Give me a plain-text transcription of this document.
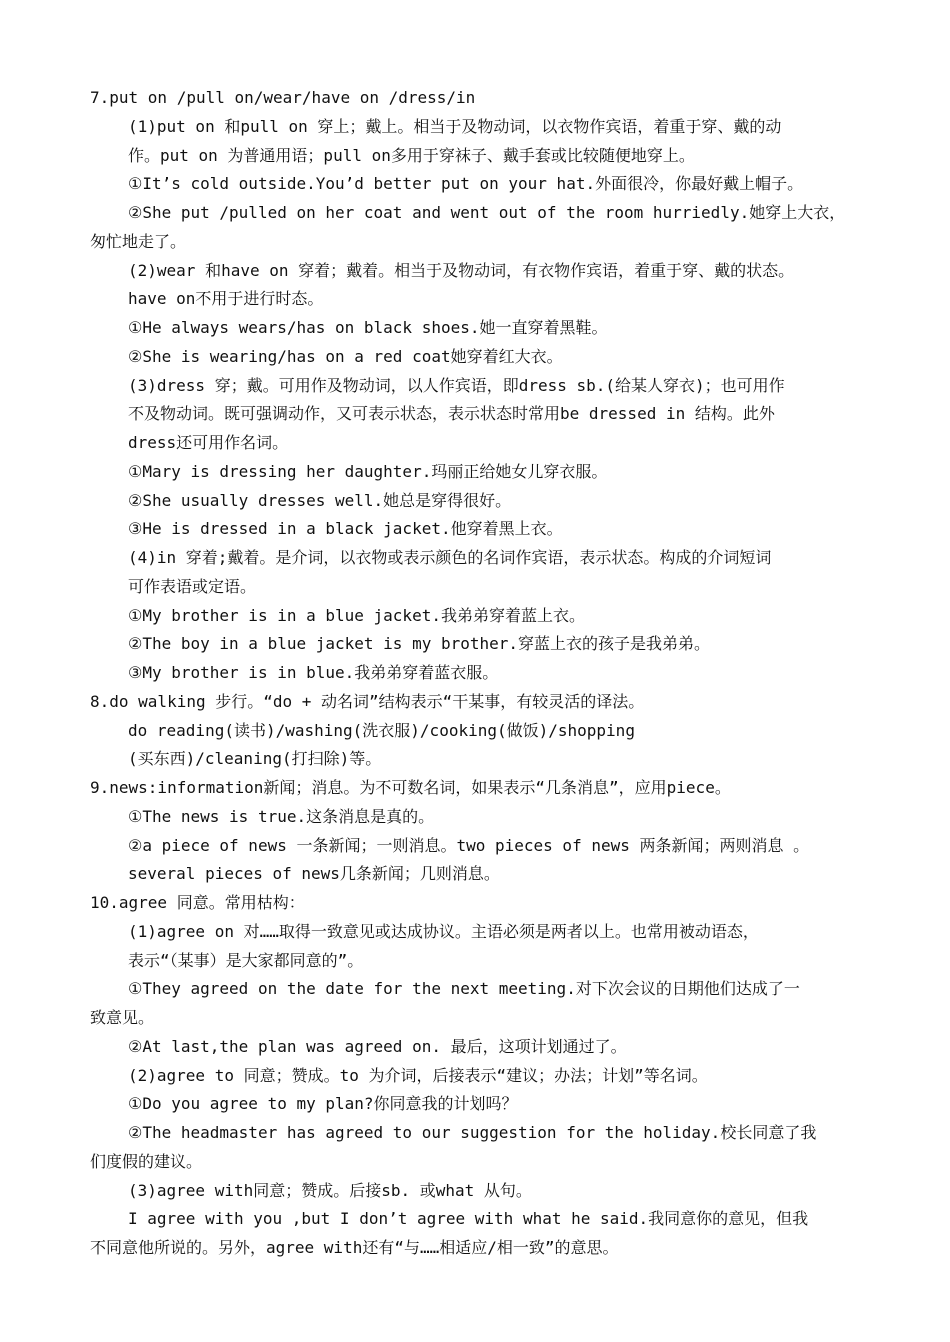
7.put on /pull on/wear/have on /dress/in
(1)put on 和pull on 穿上；戴上。相当于及物动词，以衣物作宾语，着重于穿、戴的动
作。put on 为普通用语；pull on多用于穿袜子、戴手套或比较随便地穿上。
①It’s cold outside.You’d better put on your hat.外面很冷，你最好戴上帽子。
②She put /pulled on her coat and went out of the room hurriedly.她穿上大衣，
匆忙地走了。
(2)wear 和have on 穿着；戴着。相当于及物动词，有衣物作宾语，着重于穿、戴的状态。
have on不用于进行时态。
①He always wears/has on black shoes.她一直穿着黑鞋。
②She is wearing/has on a red coat她穿着红大衣。
(3)dress 穿；戴。可用作及物动词，以人作宾语，即dress sb.(给某人穿衣)；也可用作
不及物动词。既可强调动作，又可表示状态，表示状态时常用be dressed in 结构。此外
dress还可用作名词。
①Mary is dressing her daughter.玛丽正给她女儿穿衣服。
②She usually dresses well.她总是穿得很好。
③He is dressed in a black jacket.他穿着黑上衣。
(4)in 穿着;戴着。是介词，以衣物或表示颜色的名词作宾语，表示状态。构成的介词短词
可作表语或定语。
①My brother is in a blue jacket.我弟弟穿着蓝上衣。
②The boy in a blue jacket is my brother.穿蓝上衣的孩子是我弟弟。
③My brother is in blue.我弟弟穿着蓝衣服。
8.do walking 步行。“do + 动名词”结构表示“干某事，有较灵活的译法。
do reading(读书)/washing(洗衣服)/cooking(做饭)/shopping
(买东西)/cleaning(打扫除)等。
9.news:information新闻；消息。为不可数名词，如果表示“几条消息”，应用piece。
①The news is true.这条消息是真的。
②a piece of news 一条新闻；一则消息。two pieces of news 两条新闻；两则消息 。
several pieces of news几条新闻；几则消息。
10.agree 同意。常用枯构：
(1)agree on 对……取得一致意见或达成协议。主语必须是两者以上。也常用被动语态，
表示“（某事）是大家都同意的”。
①They agreed on the date for the next meeting.对下次会议的日期他们达成了一
致意见。
②At last,the plan was agreed on. 最后，这项计划通过了。
(2)agree to 同意；赞成。to 为介词，后接表示“建议；办法；计划”等名词。
①Do you agree to my plan?你同意我的计划吗？
②The headmaster has agreed to our suggestion for the holiday.校长同意了我
们度假的建议。
(3)agree with同意；赞成。后接sb. 或what 从句。
I agree with you ,but I don’t agree with what he said.我同意你的意见，但我
不同意他所说的。另外，agree with还有“与……相适应/相一致”的意思。
